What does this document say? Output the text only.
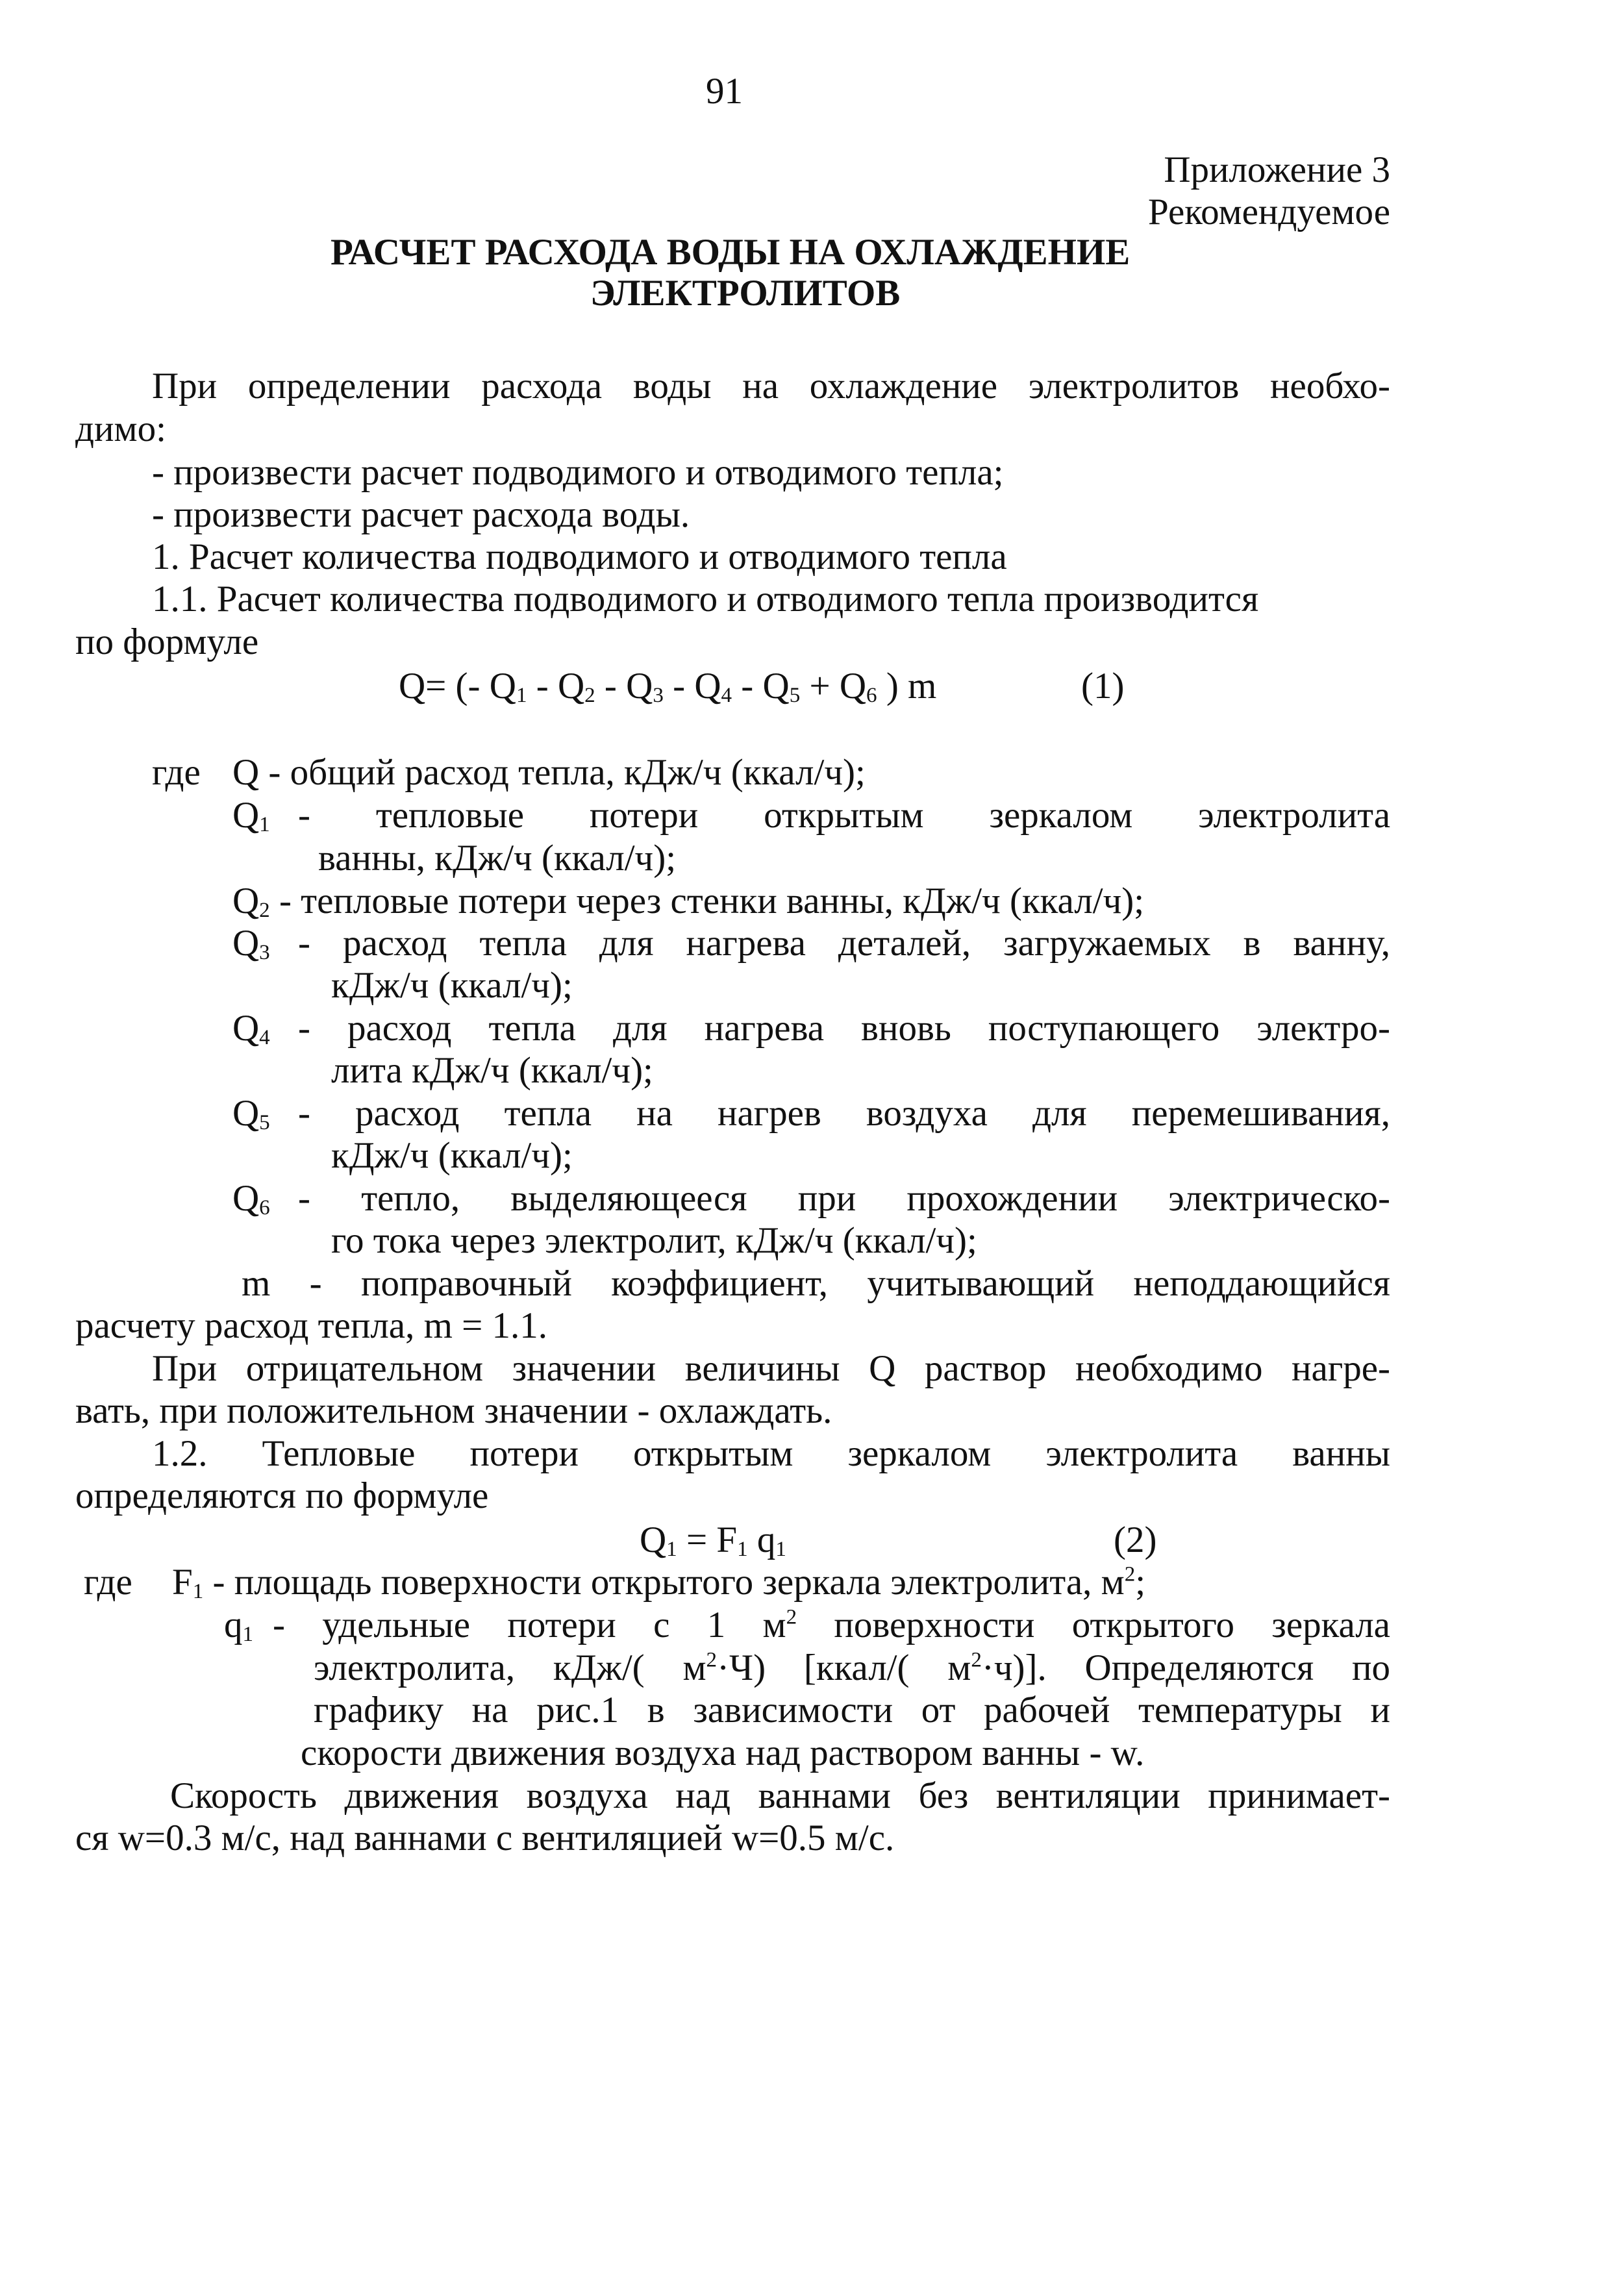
91
Приложение 3
Рекомендуемое
РАСЧЕТ РАСХОДА ВОДЫ НА ОХЛАЖДЕНИЕ
ЭЛЕКТРОЛИТОВ
При определении расхода воды на охлаждение электролитов необхо-
димо:
- произвести расчет подводимого и отводимого тепла;
- произвести расчет расхода воды.
1. Расчет количества подводимого и отводимого тепла
1.1. Расчет количества подводимого и отводимого тепла производится
по формуле
Q= (- $Q_1 - Q_2 - Q_3 - Q_4 - Q_5 + Q_6$ ) m	(1)
где Q - общий расход тепла, кДж/ч (ккал/ч);
$Q_1$ - тепловые потери открытым зеркалом электролита
ванны, кДж/ч (ккал/ч);
$Q_2$ - тепловые потери через стенки ванны, кДж/ч (ккал/ч);
$Q_3$ - расход тепла для нагрева деталей, загружаемых в ванну,
кДж/ч (ккал/ч);
$Q_4$ - расход тепла для нагрева вновь поступающего электро-
лита кДж/ч (ккал/ч);
$Q_5$ - расход тепла на нагрев воздуха для перемешивания,
кДж/ч (ккал/ч);
$Q_6$ - тепло, выделяющееся при прохождении электрическо-
го тока через электролит, кДж/ч (ккал/ч);
m - поправочный коэффициент, учитывающий неподдающийся
расчету расход тепла, m = 1.1.
При отрицательном значении величины Q раствор необходимо нагре-
вать, при положительном значении - охлаждать.
1.2. Тепловые потери открытым зеркалом электролита ванны
определяются по формуле
$Q_1 = F_1$ $q_1$	(2)
где $F_1$ - площадь поверхности открытого зеркала электролита, $м^2$;
$q_1$ - удельные потери с 1 $м^2$ поверхности открытого зеркала
электролита, кДж/( $м^2\cdot Ч$) [ккал/( $м^2\cdot ч$)]. Определяются по
графику на рис.1 в зависимости от рабочей температуры и
скорости движения воздуха над раствором ванны - w.
Скорость движения воздуха над ваннами без вентиляции принимает-
ся w=0.3 м/с, над ваннами с вентиляцией w=0.5 м/с.
